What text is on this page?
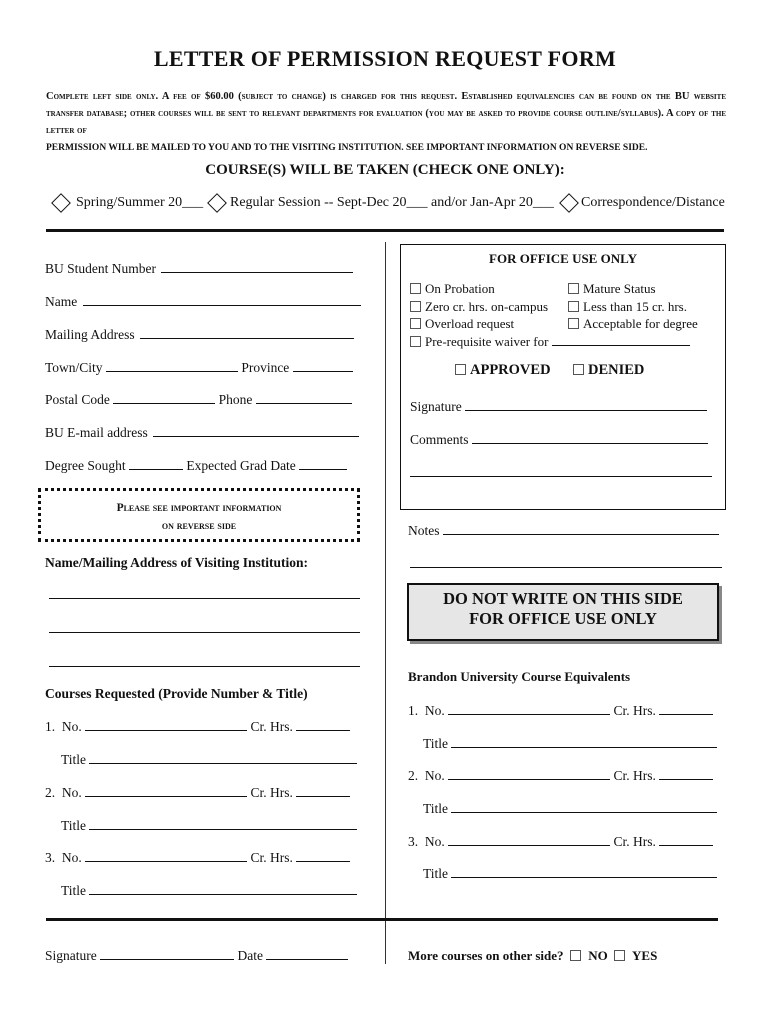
LETTER OF PERMISSION REQUEST FORM
Complete left side only. A fee of $60.00 (subject to change) is charged for this request. Established equivalencies can be found on the BU website transfer database; other courses will be sent to relevant departments for evaluation (you may be asked to provide course outline/syllabus). A copy of the letter of
PERMISSION WILL BE MAILED TO YOU AND TO THE VISITING INSTITUTION. SEE IMPORTANT INFORMATION ON REVERSE SIDE.
COURSE(S) WILL BE TAKEN (CHECK ONE ONLY):
Spring/Summer 20___ Regular Session -- Sept-Dec 20___ and/or Jan-Apr 20___ Correspondence/Distance
BU Student Number
Name
Mailing Address
Town/City	Province
Postal Code	Phone
BU E-mail address
Degree Sought	Expected Grad Date
Please see important information
on reverse side
Name/Mailing Address of Visiting Institution:
Courses Requested (Provide Number & Title)
1. No.	Cr. Hrs.
Title
2. No.	Cr. Hrs.
Title
3. No.	Cr. Hrs.
Title
Signature	Date
FOR OFFICE USE ONLY
On Probation	Mature Status
Zero cr. hrs. on-campus	Less than 15 cr. hrs.
Overload request	Acceptable for degree
Pre-requisite waiver for
APPROVED	DENIED
Signature
Comments
Notes
DO NOT WRITE ON THIS SIDE
FOR OFFICE USE ONLY
Brandon University Course Equivalents
1. No.	Cr. Hrs.
Title
2. No.	Cr. Hrs.
Title
3. No.	Cr. Hrs.
Title
More courses on other side? NO YES
